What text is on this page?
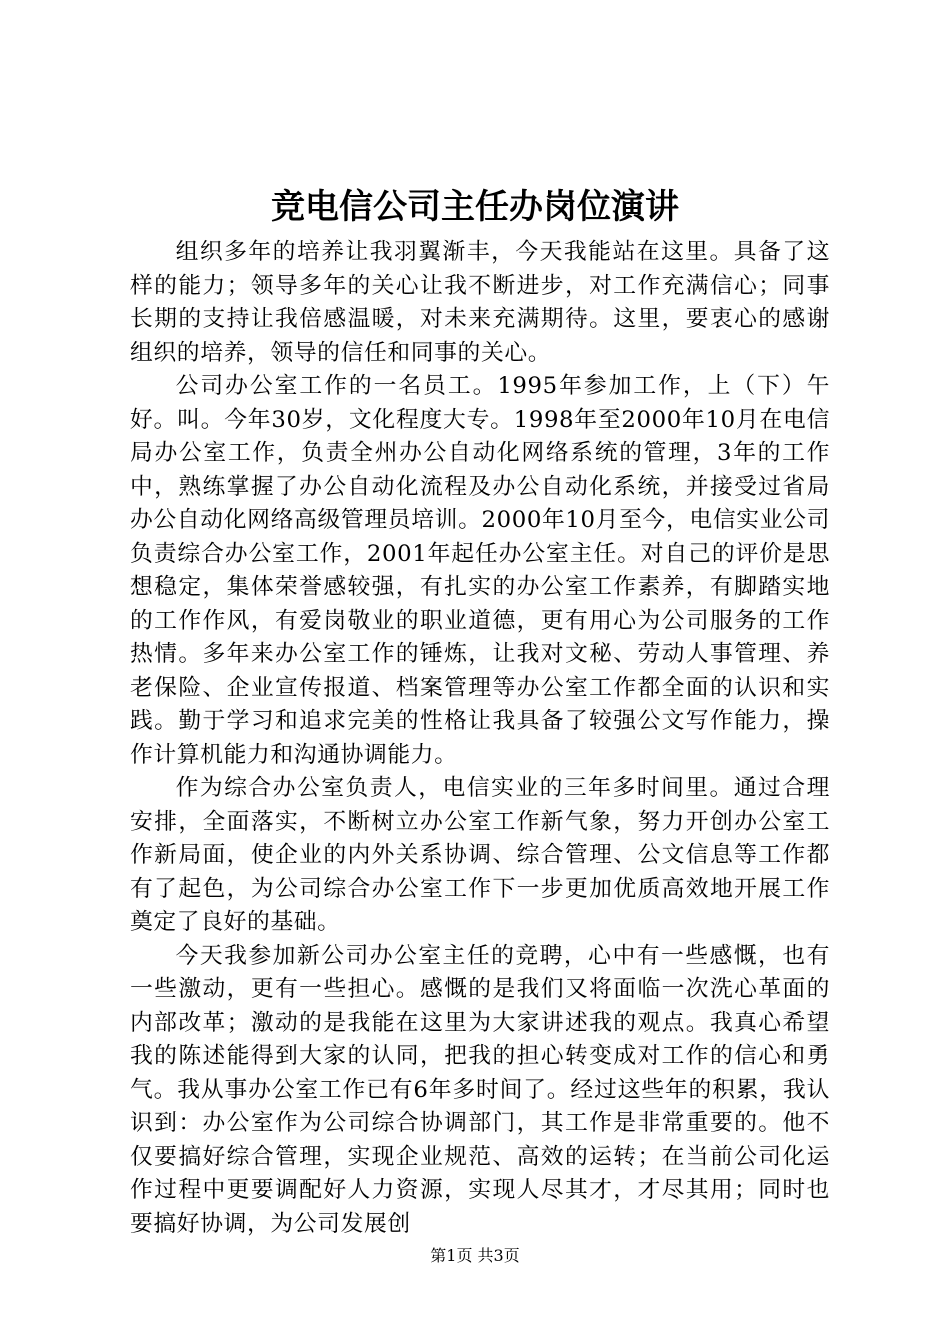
竞电信公司主任办岗位演讲

组织多年的培养让我羽翼渐丰，今天我能站在这里。具备了这样的能力；领导多年的关心让我不断进步，对工作充满信心；同事长期的支持让我倍感温暖，对未来充满期待。这里，要衷心的感谢组织的培养，领导的信任和同事的关心。

公司办公室工作的一名员工。1995年参加工作，上（下）午好。叫。今年30岁，文化程度大专。1998年至2000年10月在电信局办公室工作，负责全州办公自动化网络系统的管理，3年的工作中，熟练掌握了办公自动化流程及办公自动化系统，并接受过省局办公自动化网络高级管理员培训。2000年10月至今，电信实业公司负责综合办公室工作，2001年起任办公室主任。对自己的评价是思想稳定，集体荣誉感较强，有扎实的办公室工作素养，有脚踏实地的工作作风，有爱岗敬业的职业道德，更有用心为公司服务的工作热情。多年来办公室工作的锤炼，让我对文秘、劳动人事管理、养老保险、企业宣传报道、档案管理等办公室工作都全面的认识和实践。勤于学习和追求完美的性格让我具备了较强公文写作能力，操作计算机能力和沟通协调能力。

作为综合办公室负责人，电信实业的三年多时间里。通过合理安排，全面落实，不断树立办公室工作新气象，努力开创办公室工作新局面，使企业的内外关系协调、综合管理、公文信息等工作都有了起色，为公司综合办公室工作下一步更加优质高效地开展工作奠定了良好的基础。

今天我参加新公司办公室主任的竞聘，心中有一些感慨，也有一些激动，更有一些担心。感慨的是我们又将面临一次洗心革面的内部改革；激动的是我能在这里为大家讲述我的观点。我真心希望我的陈述能得到大家的认同，把我的担心转变成对工作的信心和勇气。我从事办公室工作已有6年多时间了。经过这些年的积累，我认识到：办公室作为公司综合协调部门，其工作是非常重要的。他不仅要搞好综合管理，实现企业规范、高效的运转；在当前公司化运作过程中更要调配好人力资源，实现人尽其才，才尽其用；同时也要搞好协调，为公司发展创

第1页 共3页
